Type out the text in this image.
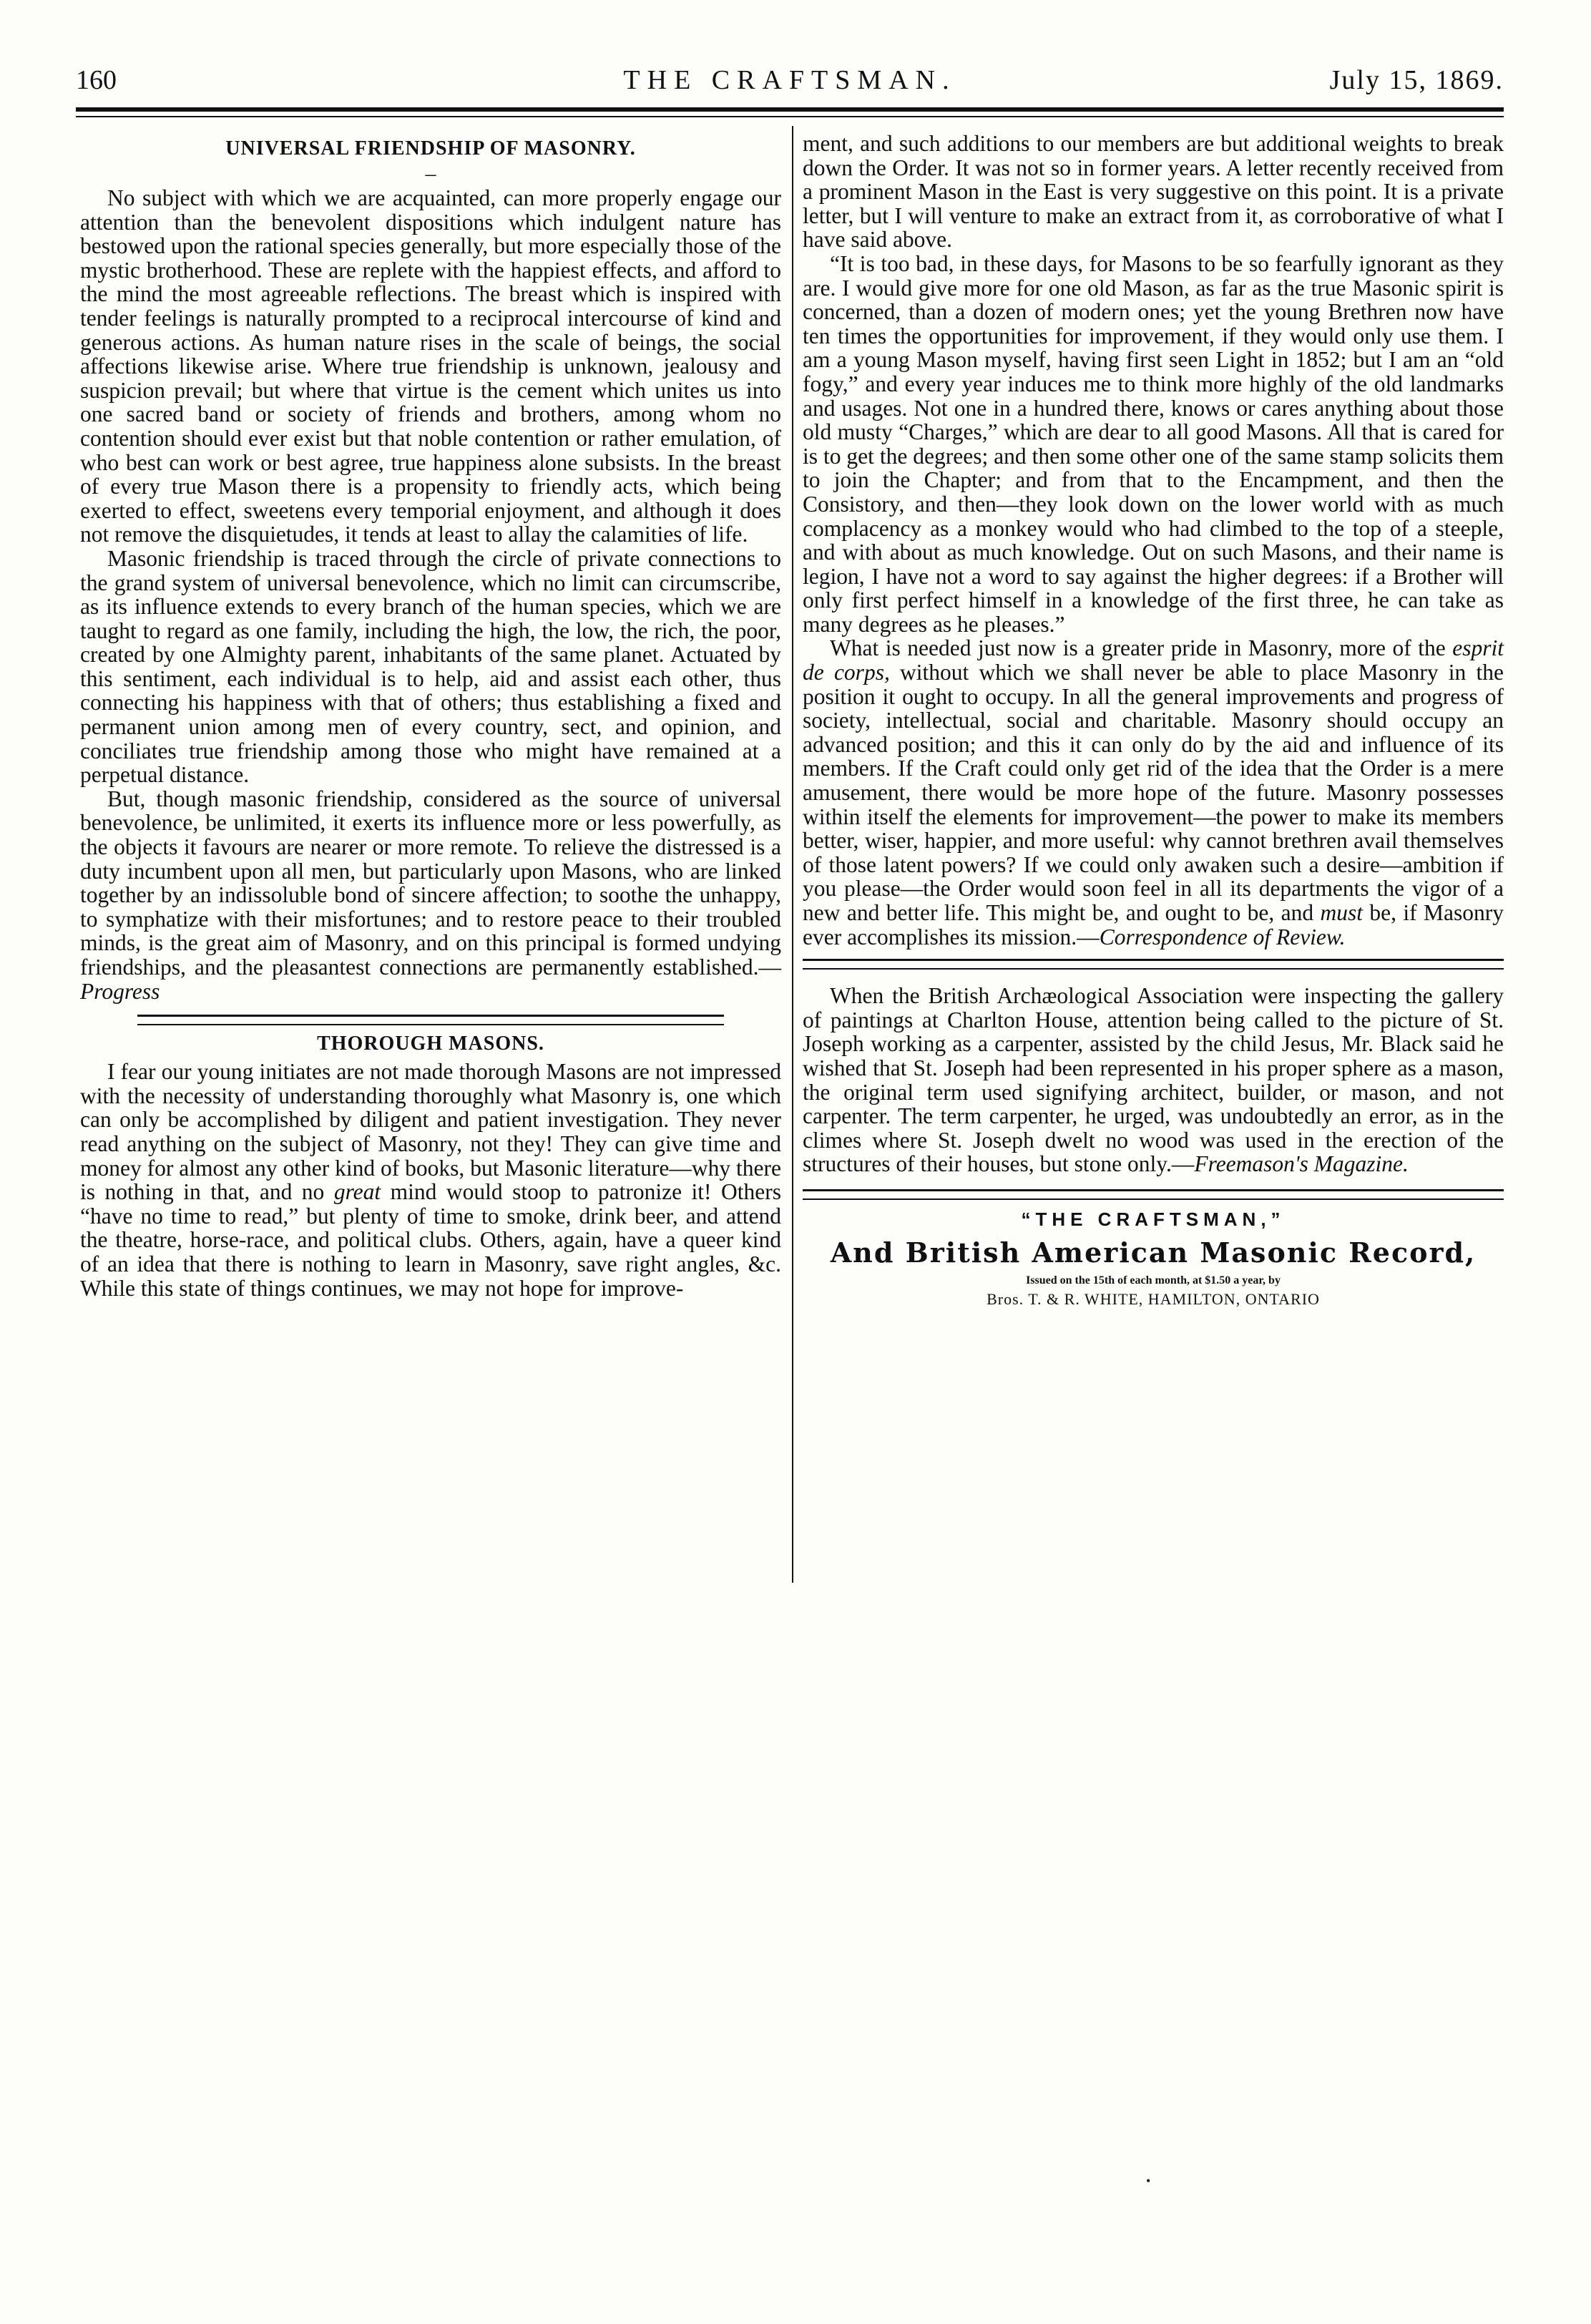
160	THE CRAFTSMAN.	July 15, 1869.
UNIVERSAL FRIENDSHIP OF MASONRY.
–

No subject with which we are acquainted, can more properly engage our attention than the benevolent dispositions which indulgent nature has bestowed upon the rational species generally, but more especially those of the mystic brotherhood. These are replete with the happiest effects, and afford to the mind the most agreeable reflections. The breast which is inspired with tender feelings is naturally prompted to a reciprocal intercourse of kind and generous actions. As human nature rises in the scale of beings, the social affections likewise arise. Where true friendship is unknown, jealousy and suspicion prevail; but where that virtue is the cement which unites us into one sacred band or society of friends and brothers, among whom no contention should ever exist but that noble contention or rather emulation, of who best can work or best agree, true happiness alone subsists. In the breast of every true Mason there is a propensity to friendly acts, which being exerted to effect, sweetens every temporial enjoyment, and although it does not remove the disquietudes, it tends at least to allay the calamities of life.

Masonic friendship is traced through the circle of private connections to the grand system of universal benevolence, which no limit can circumscribe, as its influence extends to every branch of the human species, which we are taught to regard as one family, including the high, the low, the rich, the poor, created by one Almighty parent, inhabitants of the same planet. Actuated by this sentiment, each individual is to help, aid and assist each other, thus connecting his happiness with that of others; thus establishing a fixed and permanent union among men of every country, sect, and opinion, and conciliates true friendship among those who might have remained at a perpetual distance.

But, though masonic friendship, considered as the source of universal benevolence, be unlimited, it exerts its influence more or less powerfully, as the objects it favours are nearer or more remote. To relieve the distressed is a duty incumbent upon all men, but particularly upon Masons, who are linked together by an indissoluble bond of sincere affection; to soothe the unhappy, to symphatize with their misfortunes; and to restore peace to their troubled minds, is the great aim of Masonry, and on this principal is formed undying friendships, and the pleasantest connections are permanently established.—Progress

THOROUGH MASONS.

I fear our young initiates are not made thorough Masons are not impressed with the necessity of understanding thoroughly what Masonry is, one which can only be accomplished by diligent and patient investigation. They never read anything on the subject of Masonry, not they! They can give time and money for almost any other kind of books, but Masonic literature—why there is nothing in that, and no great mind would stoop to patronize it! Others “have no time to read,” but plenty of time to smoke, drink beer, and attend the theatre, horse-race, and political clubs. Others, again, have a queer kind of an idea that there is nothing to learn in Masonry, save right angles, &c. While this state of things continues, we may not hope for improve-

ment, and such additions to our members are but additional weights to break down the Order. It was not so in former years. A letter recently received from a prominent Mason in the East is very suggestive on this point. It is a private letter, but I will venture to make an extract from it, as corroborative of what I have said above.

“It is too bad, in these days, for Masons to be so fearfully ignorant as they are. I would give more for one old Mason, as far as the true Masonic spirit is concerned, than a dozen of modern ones; yet the young Brethren now have ten times the opportunities for improvement, if they would only use them. I am a young Mason myself, having first seen Light in 1852; but I am an “old fogy,” and every year induces me to think more highly of the old landmarks and usages. Not one in a hundred there, knows or cares anything about those old musty “Charges,” which are dear to all good Masons. All that is cared for is to get the degrees; and then some other one of the same stamp solicits them to join the Chapter; and from that to the Encampment, and then the Consistory, and then—they look down on the lower world with as much complacency as a monkey would who had climbed to the top of a steeple, and with about as much knowledge. Out on such Masons, and their name is legion, I have not a word to say against the higher degrees: if a Brother will only first perfect himself in a knowledge of the first three, he can take as many degrees as he pleases.”

What is needed just now is a greater pride in Masonry, more of the esprit de corps, without which we shall never be able to place Masonry in the position it ought to occupy. In all the general improvements and progress of society, intellectual, social and charitable. Masonry should occupy an advanced position; and this it can only do by the aid and influence of its members. If the Craft could only get rid of the idea that the Order is a mere amusement, there would be more hope of the future. Masonry possesses within itself the elements for improvement—the power to make its members better, wiser, happier, and more useful: why cannot brethren avail themselves of those latent powers? If we could only awaken such a desire—ambition if you please—the Order would soon feel in all its departments the vigor of a new and better life. This might be, and ought to be, and must be, if Masonry ever accomplishes its mission.—Correspondence of Review.

When the British Archæological Association were inspecting the gallery of paintings at Charlton House, attention being called to the picture of St. Joseph working as a carpenter, assisted by the child Jesus, Mr. Black said he wished that St. Joseph had been represented in his proper sphere as a mason, the original term used signifying architect, builder, or mason, and not carpenter. The term carpenter, he urged, was undoubtedly an error, as in the climes where St. Joseph dwelt no wood was used in the erection of the structures of their houses, but stone only.—Freemason's Magazine.

“THE CRAFTSMAN,”
And British American Masonic Record,
Issued on the 15th of each month, at $1.50 a year, by
Bros. T. & R. WHITE, HAMILTON, ONTARIO
•
